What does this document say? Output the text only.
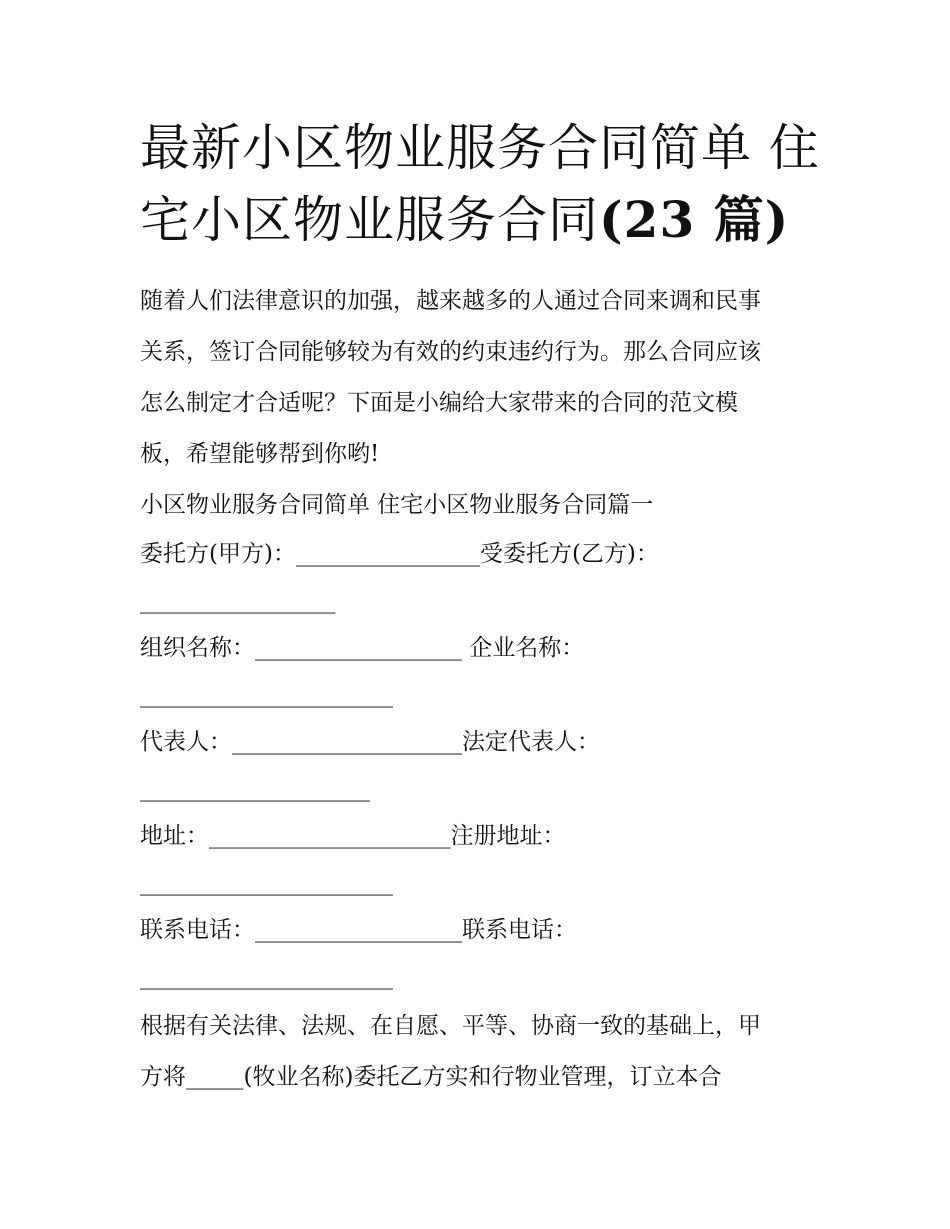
最新小区物业服务合同简单 住
宅小区物业服务合同(23 篇)

随着人们法律意识的加强，越来越多的人通过合同来调和民事

关系，签订合同能够较为有效的约束违约行为。那么合同应该

怎么制定才合适呢？下面是小编给大家带来的合同的范文模

板，希望能够帮到你哟!

小区物业服务合同简单 住宅小区物业服务合同篇一

委托方(甲方)：________________受委托方(乙方)：

_________________

组织名称：__________________ 企业名称：

______________________

代表人：____________________法定代表人：

____________________

地址：_____________________注册地址：

______________________

联系电话：__________________联系电话：

______________________

根据有关法律、法规、在自愿、平等、协商一致的基础上，甲

方将_____(牧业名称)委托乙方实和行物业管理，订立本合
